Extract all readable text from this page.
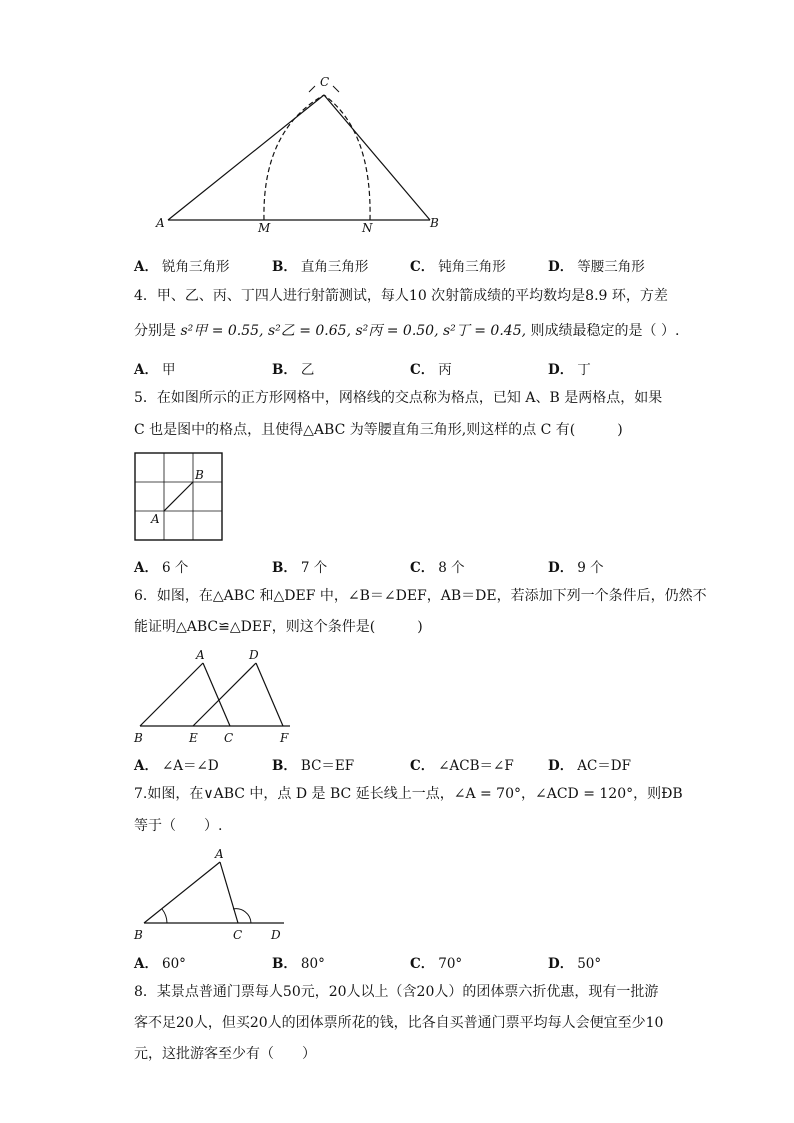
C
A	B
M	N
A． 锐角三角形	B． 直角三角形	C． 钝角三角形	D． 等腰三角形
4．甲、乙、丙、丁四人进行射箭测试，每人10 次射箭成绩的平均数均是8.9 环，方差
分别是 s²甲 = 0.55, s²乙 = 0.65, s²丙 = 0.50, s²丁 = 0.45, 则成绩最稳定的是（ ）.
A． 甲	B． 乙	C． 丙	D． 丁
5．在如图所示的正方形网格中，网格线的交点称为格点，已知 A、B 是两格点，如果
C 也是图中的格点，且使得△ABC 为等腰直角三角形,则这样的点 C 有(　　　)
B
A
A． 6 个	B． 7 个	C． 8 个	D． 9 个
6．如图，在△ABC 和△DEF 中，∠B＝∠DEF，AB＝DE，若添加下列一个条件后，仍然不
能证明△ABC≌△DEF，则这个条件是(　　　)
A	D
B	E C	F
A． ∠A＝∠D	B． BC＝EF	C． ∠ACB＝∠F	D． AC＝DF
7.如图，在∨ABC 中，点 D 是 BC 延长线上一点，∠A = 70°，∠ACD = 120°，则ÐB
等于（　　）.
A
B	C D
A． 60°	B． 80°	C． 70°	D． 50°
8．某景点普通门票每人50元，20人以上（含20人）的团体票六折优惠，现有一批游
客不足20人，但买20人的团体票所花的钱，比各自买普通门票平均每人会便宜至少10
元，这批游客至少有（　　）
